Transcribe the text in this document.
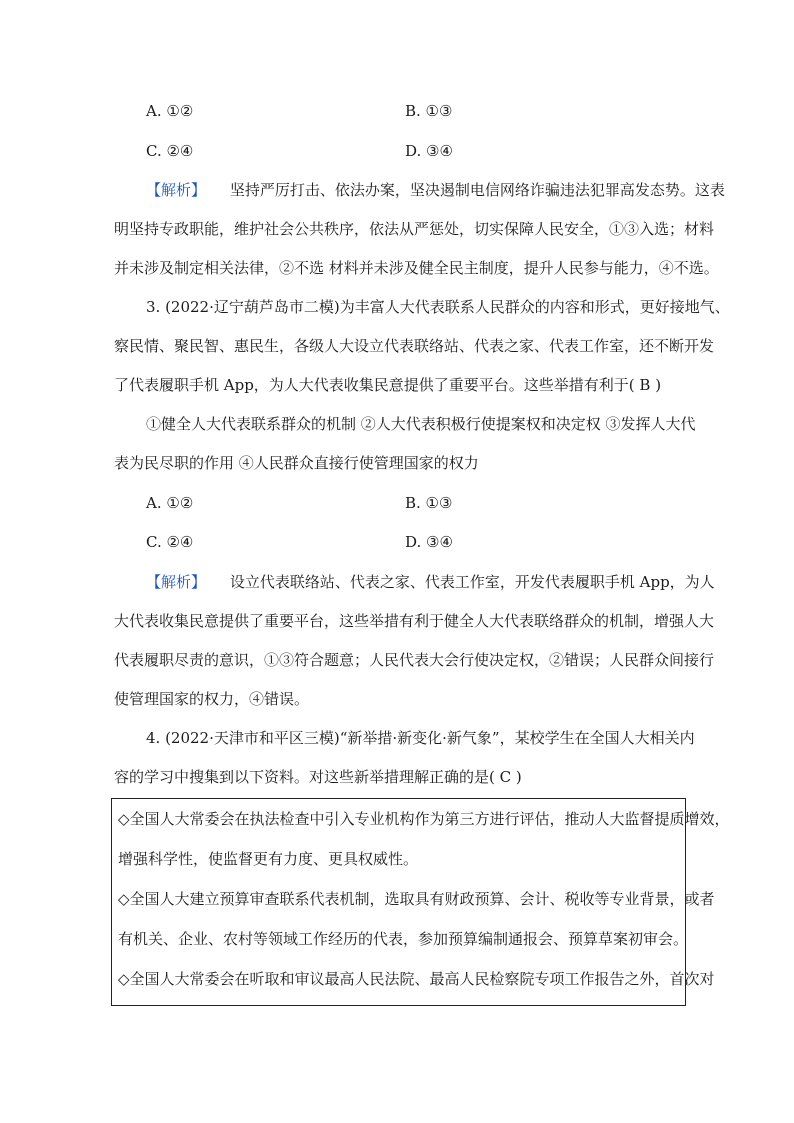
A. ①②	B. ①③
C. ②④	D. ③④
【解析】 坚持严厉打击、依法办案，坚决遏制电信网络诈骗违法犯罪高发态势。这表
明坚持专政职能，维护社会公共秩序，依法从严惩处，切实保障人民安全，①③入选；材料
并未涉及制定相关法律，②不选 材料并未涉及健全民主制度，提升人民参与能力，④不选。
3. (2022·辽宁葫芦岛市二模)为丰富人大代表联系人民群众的内容和形式，更好接地气、
察民情、聚民智、惠民生，各级人大设立代表联络站、代表之家、代表工作室，还不断开发
了代表履职手机 App，为人大代表收集民意提供了重要平台。这些举措有利于( B )
①健全人大代表联系群众的机制 ②人大代表积极行使提案权和决定权 ③发挥人大代
表为民尽职的作用 ④人民群众直接行使管理国家的权力
A. ①②	B. ①③
C. ②④	D. ③④
【解析】 设立代表联络站、代表之家、代表工作室，开发代表履职手机 App，为人
大代表收集民意提供了重要平台，这些举措有利于健全人大代表联络群众的机制，增强人大
代表履职尽责的意识，①③符合题意；人民代表大会行使决定权，②错误；人民群众间接行
使管理国家的权力，④错误。
4. (2022·天津市和平区三模)“新举措·新变化·新气象”，某校学生在全国人大相关内
容的学习中搜集到以下资料。对这些新举措理解正确的是( C )
◇全国人大常委会在执法检查中引入专业机构作为第三方进行评估，推动人大监督提质增效，
增强科学性，使监督更有力度、更具权威性。
◇全国人大建立预算审查联系代表机制，选取具有财政预算、会计、税收等专业背景，或者
有机关、企业、农村等领域工作经历的代表，参加预算编制通报会、预算草案初审会。
◇全国人大常委会在听取和审议最高人民法院、最高人民检察院专项工作报告之外，首次对
